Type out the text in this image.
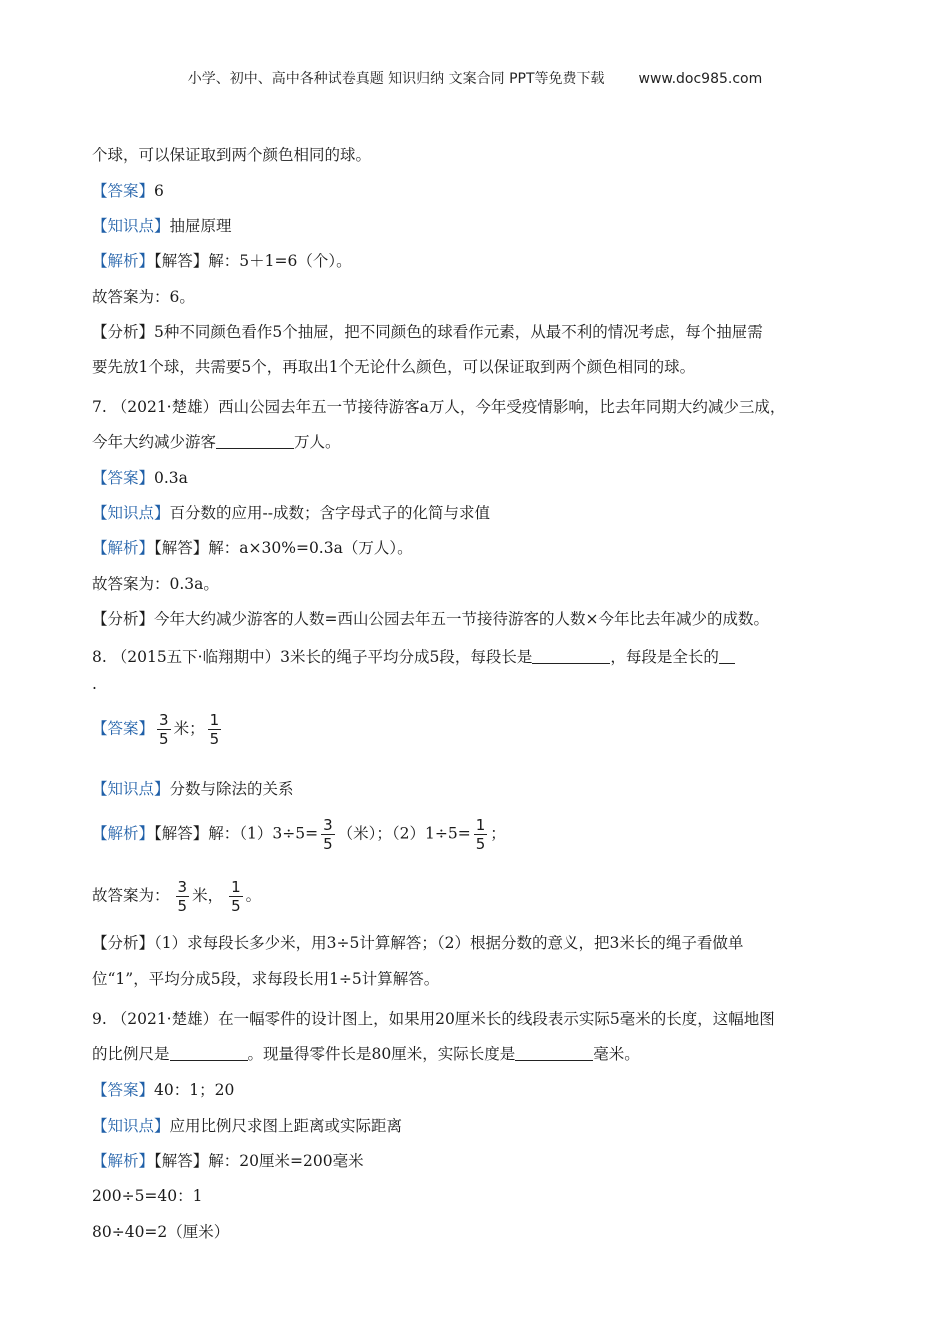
小学、初中、高中各种试卷真题 知识归纳 文案合同 PPT等免费下载 www.doc985.com
个球，可以保证取到两个颜色相同的球。
【答案】6
【知识点】抽屉原理
【解析】【解答】解：5＋1=6（个）。
故答案为：6。
【分析】5种不同颜色看作5个抽屉，把不同颜色的球看作元素，从最不利的情况考虑，每个抽屉需
要先放1个球，共需要5个，再取出1个无论什么颜色，可以保证取到两个颜色相同的球。
7. （2021·楚雄）西山公园去年五一节接待游客a万人，今年受疫情影响，比去年同期大约减少三成，
今年大约减少游客	万人。
【答案】0.3a
【知识点】百分数的应用--成数；含字母式子的化简与求值
【解析】【解答】解：a×30%=0.3a（万人）。
故答案为：0.3a。
【分析】今年大约减少游客的人数=西山公园去年五一节接待游客的人数×今年比去年减少的成数。
8. （2015五下·临翔期中）3米长的绳子平均分成5段，每段长是	，每段是全长的
.
【答案】 $\frac{3}{5}$ 米； $\frac{1}{5}$
【知识点】分数与除法的关系
【解析】【解答】解：$(1)3\div 5= \frac{3}{5}$ （米）；$(2)1\div 5= \frac{1}{5}$ ；
故答案为： $\frac{3}{5}$ 米， $\frac{1}{5}$ 。
【分析】（1）求每段长多少米，用3÷5计算解答；（2）根据分数的意义，把3米长的绳子看做单
位“1”，平均分成5段，求每段长用1÷5计算解答。
9. （2021·楚雄）在一幅零件的设计图上，如果用20厘米长的线段表示实际5毫米的长度，这幅地图
的比例尺是	。现量得零件长是80厘米，实际长度是	毫米。
【答案】40：1；20
【知识点】应用比例尺求图上距离或实际距离
【解析】【解答】解：20厘米=200毫米
200÷5=40：1
80÷40=2（厘米）
